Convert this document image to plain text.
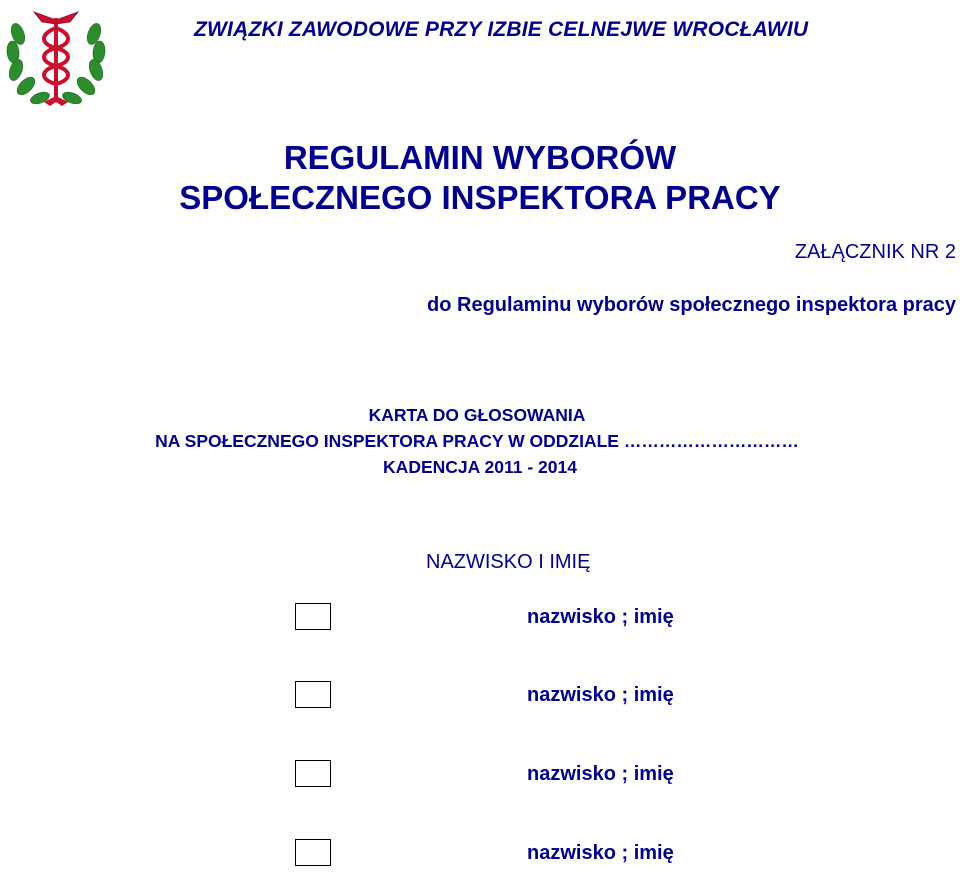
ZWIĄZKI ZAWODOWE PRZY IZBIE CELNEJWE WROCŁAWIU
REGULAMIN WYBORÓW
SPOŁECZNEGO INSPEKTORA PRACY
ZAŁĄCZNIK NR 2
do Regulaminu wyborów społecznego inspektora pracy
KARTA DO GŁOSOWANIA
NA SPOŁECZNEGO INSPEKTORA PRACY W ODDZIALE …………………………
KADENCJA 2011 - 2014
NAZWISKO I IMIĘ
nazwisko ; imię
nazwisko ; imię
nazwisko ; imię
nazwisko ; imię
